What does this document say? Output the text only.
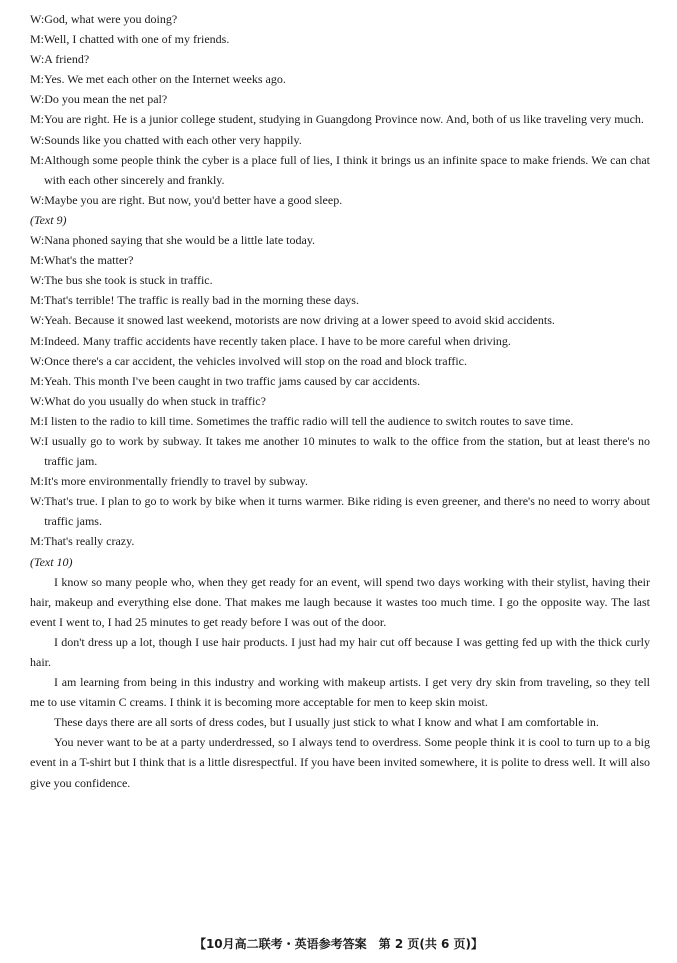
W: God, what were you doing?

M: Well, I chatted with one of my friends.

W: A friend?

M: Yes. We met each other on the Internet weeks ago.

W: Do you mean the net pal?

M: You are right. He is a junior college student, studying in Guangdong Province now. And, both of us like traveling very much.

W: Sounds like you chatted with each other very happily.

M: Although some people think the cyber is a place full of lies, I think it brings us an infinite space to make friends. We can chat with each other sincerely and frankly.

W: Maybe you are right. But now, you'd better have a good sleep.

(Text 9)

W: Nana phoned saying that she would be a little late today.

M: What's the matter?

W: The bus she took is stuck in traffic.

M: That's terrible! The traffic is really bad in the morning these days.

W: Yeah. Because it snowed last weekend, motorists are now driving at a lower speed to avoid skid accidents.

M: Indeed. Many traffic accidents have recently taken place. I have to be more careful when driving.

W: Once there's a car accident, the vehicles involved will stop on the road and block traffic.

M: Yeah. This month I've been caught in two traffic jams caused by car accidents.

W: What do you usually do when stuck in traffic?

M: I listen to the radio to kill time. Sometimes the traffic radio will tell the audience to switch routes to save time.

W: I usually go to work by subway. It takes me another 10 minutes to walk to the office from the station, but at least there's no traffic jam.

M: It's more environmentally friendly to travel by subway.

W: That's true. I plan to go to work by bike when it turns warmer. Bike riding is even greener, and there's no need to worry about traffic jams.

M: That's really crazy.

(Text 10)

I know so many people who, when they get ready for an event, will spend two days working with their stylist, having their hair, makeup and everything else done. That makes me laugh because it wastes too much time. I go the opposite way. The last event I went to, I had 25 minutes to get ready before I was out of the door.

I don't dress up a lot, though I use hair products. I just had my hair cut off because I was getting fed up with the thick curly hair.

I am learning from being in this industry and working with makeup artists. I get very dry skin from traveling, so they tell me to use vitamin C creams. I think it is becoming more acceptable for men to keep skin moist.

These days there are all sorts of dress codes, but I usually just stick to what I know and what I am comfortable in.

You never want to be at a party underdressed, so I always tend to overdress. Some people think it is cool to turn up to a big event in a T-shirt but I think that is a little disrespectful. If you have been invited somewhere, it is polite to dress well. It will also give you confidence.

【10月高二联考・英语参考答案　第 2 页(共 6 页)】
